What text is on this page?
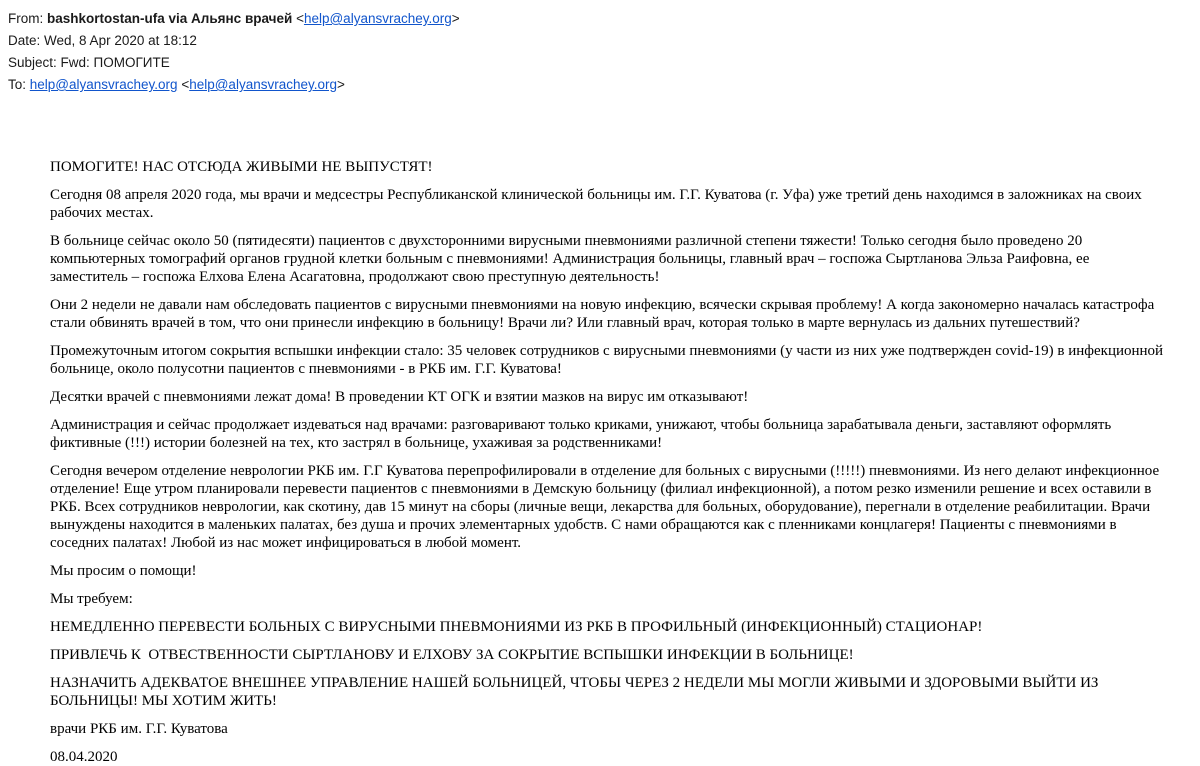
From: bashkortostan-ufa via Альянс врачей <help@alyansvrachey.org>
Date: Wed, 8 Apr 2020 at 18:12
Subject: Fwd: ПОМОГИТЕ
To: help@alyansvrachey.org <help@alyansvrachey.org>

ПОМОГИТЕ! НАС ОТСЮДА ЖИВЫМИ НЕ ВЫПУСТЯТ!

Сегодня 08 апреля 2020 года, мы врачи и медсестры Республиканской клинической больницы им. Г.Г. Куватова (г. Уфа) уже третий день находимся в заложниках на своих рабочих местах.

В больнице сейчас около 50 (пятидесяти) пациентов с двухсторонними вирусными пневмониями различной степени тяжести! Только сегодня было проведено 20 компьютерных томографий органов грудной клетки больным с пневмониями! Администрация больницы, главный врач – госпожа Сыртланова Эльза Раифовна, ее заместитель – госпожа Елхова Елена Асагатовна, продолжают свою преступную деятельность!

Они 2 недели не давали нам обследовать пациентов с вирусными пневмониями на новую инфекцию, всячески скрывая проблему! А когда закономерно началась катастрофа стали обвинять врачей в том, что они принесли инфекцию в больницу! Врачи ли? Или главный врач, которая только в марте вернулась из дальних путешествий?

Промежуточным итогом сокрытия вспышки инфекции стало: 35 человек сотрудников с вирусными пневмониями (у части из них уже подтвержден covid-19) в инфекционной больнице, около полусотни пациентов с пневмониями - в РКБ им. Г.Г. Куватова!

Десятки врачей с пневмониями лежат дома! В проведении КТ ОГК и взятии мазков на вирус им отказывают!

Администрация и сейчас продолжает издеваться над врачами: разговаривают только криками, унижают, чтобы больница зарабатывала деньги, заставляют оформлять фиктивные (!!!) истории болезней на тех, кто застрял в больнице, ухаживая за родственниками!

Сегодня вечером отделение неврологии РКБ им. Г.Г Куватова перепрофилировали в отделение для больных с вирусными (!!!!!) пневмониями. Из него делают инфекционное отделение! Еще утром планировали перевести пациентов с пневмониями в Демскую больницу (филиал инфекционной), а потом резко изменили решение и всех оставили в РКБ. Всех сотрудников неврологии, как скотину, дав 15 минут на сборы (личные вещи, лекарства для больных, оборудование), перегнали в отделение реабилитации. Врачи вынуждены находится в маленьких палатах, без душа и прочих элементарных удобств. С нами обращаются как с пленниками концлагеря! Пациенты с пневмониями в соседних палатах! Любой из нас может инфицироваться в любой момент.

Мы просим о помощи!

Мы требуем:

НЕМЕДЛЕННО ПЕРЕВЕСТИ БОЛЬНЫХ С ВИРУСНЫМИ ПНЕВМОНИЯМИ ИЗ РКБ В ПРОФИЛЬНЫЙ (ИНФЕКЦИОННЫЙ) СТАЦИОНАР!

ПРИВЛЕЧЬ К  ОТВЕСТВЕННОСТИ СЫРТЛАНОВУ И ЕЛХОВУ ЗА СОКРЫТИЕ ВСПЫШКИ ИНФЕКЦИИ В БОЛЬНИЦЕ!

НАЗНАЧИТЬ АДЕКВАТОЕ ВНЕШНЕЕ УПРАВЛЕНИЕ НАШЕЙ БОЛЬНИЦЕЙ, ЧТОБЫ ЧЕРЕЗ 2 НЕДЕЛИ МЫ МОГЛИ ЖИВЫМИ И ЗДОРОВЫМИ ВЫЙТИ ИЗ БОЛЬНИЦЫ! МЫ ХОТИМ ЖИТЬ!

врачи РКБ им. Г.Г. Куватова

08.04.2020
